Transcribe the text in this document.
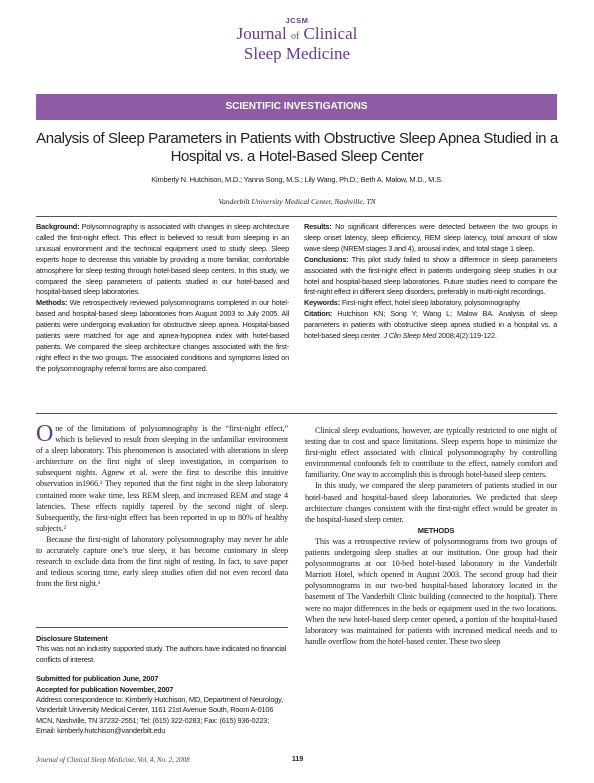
JCSM
Journal of Clinical
Sleep Medicine
SCIENTIFIC INVESTIGATIONS
Analysis of Sleep Parameters in Patients with Obstructive Sleep Apnea Studied in a Hospital vs. a Hotel-Based Sleep Center
Kimberly N. Hutchison, M.D.; Yanna Song, M.S.; Lily Wang, Ph.D.; Beth A. Malow, M.D., M.S.
Vanderbilt University Medical Center, Nashville, TN

Background: Polysomnography is associated with changes in sleep architecture called the first-night effect. This effect is believed to result from sleeping in an unusual environment and the technical equipment used to study sleep. Sleep experts hope to decrease this variable by providing a more familiar, comfortable atmosphere for sleep testing through hotel-based sleep centers. In this study, we compared the sleep parameters of patients studied in our hotel-based and hospital-based sleep laboratories.

Methods: We retrospectively reviewed polysomnograms completed in our hotel-based and hospital-based sleep laboratories from August 2003 to July 2005. All patients were undergoing evaluation for obstructive sleep apnea. Hospital-based patients were matched for age and apnea-hypopnea index with hotel-based patients. We compared the sleep architecture changes associated with the first-night effect in the two groups. The associated conditions and symptoms listed on the polysomnography referral forms are also compared.

Results: No significant differences were detected between the two groups in sleep onset latency, sleep efficiency, REM sleep latency, total amount of slow wave sleep (NREM stages 3 and 4), arousal index, and total stage 1 sleep.

Conclusions: This pilot study failed to show a difference in sleep parameters associated with the first-night effect in patients undergoing sleep studies in our hotel and hospital-based sleep laboratories. Future studies need to compare the first-night effect in different sleep disorders, preferably in multi-night recordings.

Keywords: First-night effect, hotel sleep laboratory, polysomnography

Citation: Hutchison KN; Song Y; Wang L; Malow BA. Analysis of sleep parameters in patients with obstructive sleep apnea studied in a hospital vs. a hotel-based sleep center. J Clin Sleep Med 2008;4(2):119-122.

One of the limitations of polysomnography is the “first-night effect,” which is believed to result from sleeping in the unfamiliar environment of a sleep laboratory. This phenomenon is associated with alterations in sleep architecture on the first night of sleep investigation, in comparison to subsequent nights. Agnew et al. were the first to describe this intuitive observation in1966.¹ They reported that the first night in the sleep laboratory contained more wake time, less REM sleep, and increased REM and stage 4 latencies. These effects rapidly tapered by the second night of sleep. Subsequently, the first-night effect has been reported in up to 80% of healthy subjects.²

Because the first-night of laboratory polysomnography may never be able to accurately capture one’s true sleep, it has become customary in sleep research to exclude data from the first night of testing. In fact, to save paper and tedious scoring time, early sleep studies often did not even record data from the first night.¹

Disclosure Statement

This was not an industry supported study. The authors have indicated no financial conflicts of interest.

Submitted for publication June, 2007

Accepted for publication November, 2007

Address correspondence to: Kimberly Hutchison, MD, Department of Neurology, Vanderbilt University Medical Center, 1161 21st Avenue South, Room A-0106 MCN, Nashville, TN 37232-2551; Tel: (615) 322-0283; Fax: (615) 936-0223; Email: kimberly.hutchison@vanderbilt.edu

Clinical sleep evaluations, however, are typically restricted to one night of testing due to cost and space limitations. Sleep experts hope to minimize the first-night effect associated with clinical polysomnography by controlling environmental confounds felt to contribute to the effect, namely comfort and familiarity. One way to accomplish this is through hotel-based sleep centers.

In this study, we compared the sleep parameters of patients studied in our hotel-based and hospital-based sleep laboratories. We predicted that sleep architecture changes consistent with the first-night effect would be greater in the hospital-based sleep center.

METHODS

This was a retrospective review of polysomnograms from two groups of patients undergoing sleep studies at our institution. One group had their polysomnograms at our 10-bed hotel-based laboratory in the Vanderbilt Marriott Hotel, which opened in August 2003. The second group had their polysomnograms in our two-bed hospital-based laboratory located in the basement of The Vanderbilt Clinic building (connected to the hospital). There were no major differences in the beds or equipment used in the two locations. When the new hotel-based sleep center opened, a portion of the hospital-based laboratory was maintained for patients with increased medical needs and to handle overflow from the hotel-based center. These two sleep

Journal of Clinical Sleep Medicine, Vol. 4, No. 2, 2008	119
